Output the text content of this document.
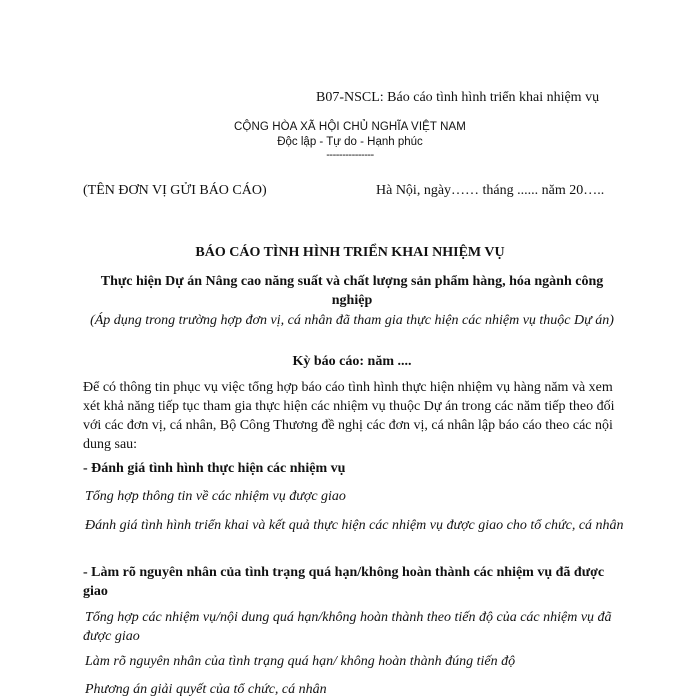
B07-NSCL: Báo cáo tình hình triển khai nhiệm vụ
CỘNG HÒA XÃ HỘI CHỦ NGHĨA VIỆT NAM
Độc lập - Tự do - Hạnh phúc
---------------
(TÊN ĐƠN VỊ GỬI BÁO CÁO)	Hà Nội, ngày…… tháng ...... năm 20…..
BÁO CÁO TÌNH HÌNH TRIỂN KHAI NHIỆM VỤ
Thực hiện Dự án Nâng cao năng suất và chất lượng sản phẩm hàng, hóa ngành công nghiệp
(Áp dụng trong trường hợp đơn vị, cá nhân đã tham gia thực hiện các nhiệm vụ thuộc Dự án)
Kỳ báo cáo: năm ....
Để có thông tin phục vụ việc tổng hợp báo cáo tình hình thực hiện nhiệm vụ hàng năm và xem xét khả năng tiếp tục tham gia thực hiện các nhiệm vụ thuộc Dự án trong các năm tiếp theo đối với các đơn vị, cá nhân, Bộ Công Thương đề nghị các đơn vị, cá nhân lập báo cáo theo các nội dung sau:
- Đánh giá tình hình thực hiện các nhiệm vụ
Tổng hợp thông tin về các nhiệm vụ được giao
Đánh giá tình hình triển khai và kết quả thực hiện các nhiệm vụ được giao cho tổ chức, cá nhân
- Làm rõ nguyên nhân của tình trạng quá hạn/không hoàn thành các nhiệm vụ đã được giao
Tổng hợp các nhiệm vụ/nội dung quá hạn/không hoàn thành theo tiến độ của các nhiệm vụ đã được giao
Làm rõ nguyên nhân của tình trạng quá hạn/ không hoàn thành đúng tiến độ
Phương án giải quyết của tổ chức, cá nhân
